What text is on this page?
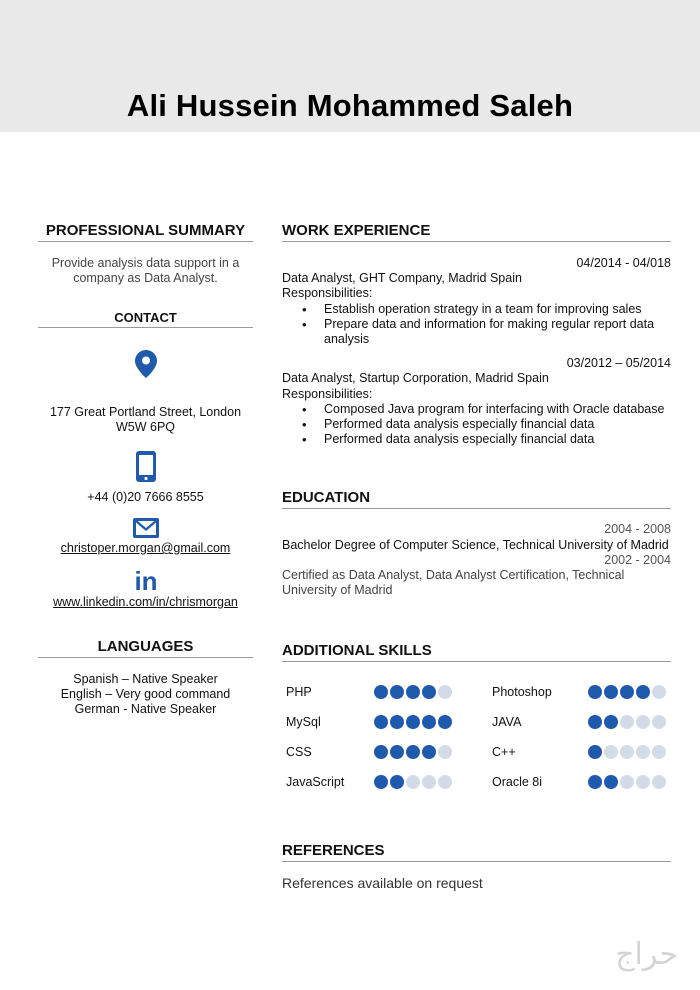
Ali Hussein Mohammed Saleh
PROFESSIONAL SUMMARY

Provide analysis data support in a company as Data Analyst.

CONTACT

177 Great Portland Street, London W5W 6PQ

+44 (0)20 7666 8555

christoper.morgan@gmail.com

in

www.linkedin.com/in/chrismorgan

LANGUAGES

Spanish – Native Speaker

English – Very good command

German - Native Speaker

WORK EXPERIENCE

04/2014 - 04/018

Data Analyst, GHT Company, Madrid Spain

Responsibilities:

• Establish operation strategy in a team for improving sales
• Prepare data and information for making regular report data analysis

03/2012 – 05/2014

Data Analyst, Startup Corporation, Madrid Spain

Responsibilities:

• Composed Java program for interfacing with Oracle database
• Performed data analysis especially financial data
• Performed data analysis especially financial data
EDUCATION

2004 - 2008

Bachelor Degree of Computer Science, Technical University of Madrid

2002 - 2004

Certified as Data Analyst, Data Analyst Certification, Technical University of Madrid

ADDITIONAL SKILLS
PHP	Photoshop
MySql	JAVA
CSS	C++
JavaScript	Oracle 8i
REFERENCES

References available on request

حراج
